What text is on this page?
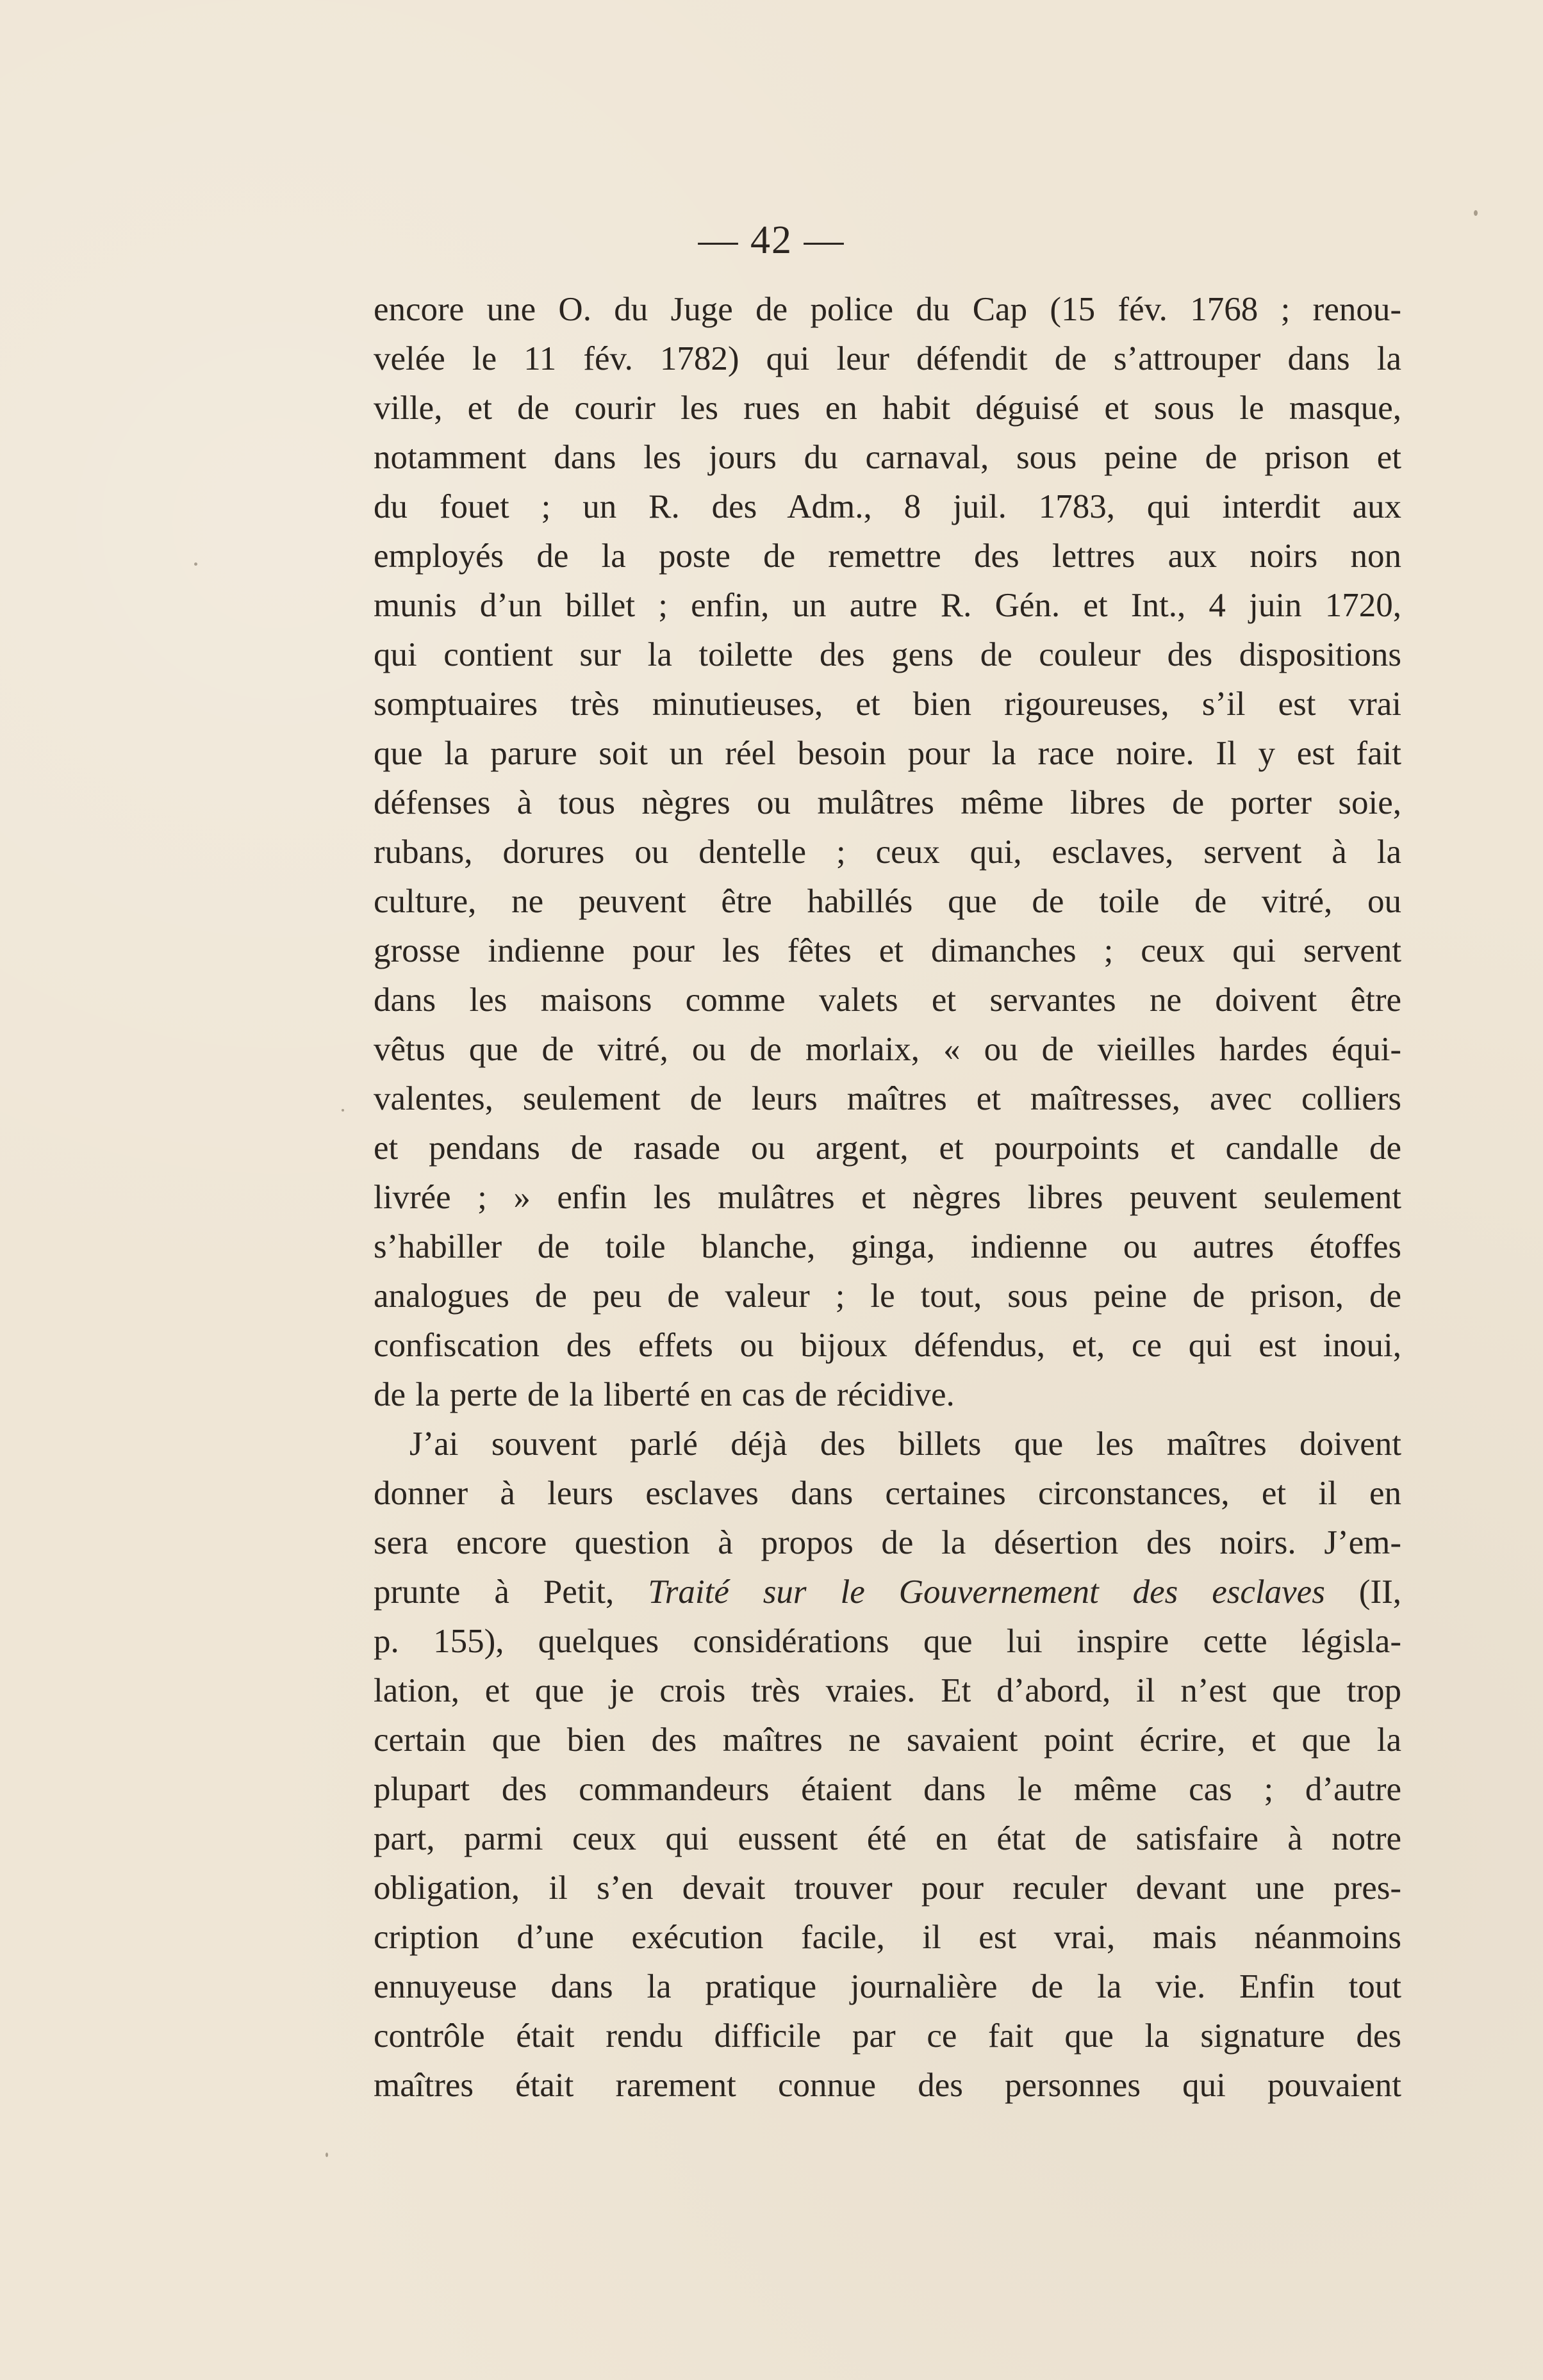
— 42 —
encore une O. du Juge de police du Cap (15 fév. 1768 ; renou-
velée le 11 fév. 1782) qui leur défendit de s’attrouper dans la
ville, et de courir les rues en habit déguisé et sous le masque,
notamment dans les jours du carnaval, sous peine de prison et
du fouet ; un R. des Adm., 8 juil. 1783, qui interdit aux
employés de la poste de remettre des lettres aux noirs non
munis d’un billet ; enfin, un autre R. Gén. et Int., 4 juin 1720,
qui contient sur la toilette des gens de couleur des dispositions
somptuaires très minutieuses, et bien rigoureuses, s’il est vrai
que la parure soit un réel besoin pour la race noire. Il y est fait
défenses à tous nègres ou mulâtres même libres de porter soie,
rubans, dorures ou dentelle ; ceux qui, esclaves, servent à la
culture, ne peuvent être habillés que de toile de vitré, ou
grosse indienne pour les fêtes et dimanches ; ceux qui servent
dans les maisons comme valets et servantes ne doivent être
vêtus que de vitré, ou de morlaix, « ou de vieilles hardes équi-
valentes, seulement de leurs maîtres et maîtresses, avec colliers
et pendans de rasade ou argent, et pourpoints et candalle de
livrée ; » enfin les mulâtres et nègres libres peuvent seulement
s’habiller de toile blanche, ginga, indienne ou autres étoffes
analogues de peu de valeur ; le tout, sous peine de prison, de
confiscation des effets ou bijoux défendus, et, ce qui est inoui,
de la perte de la liberté en cas de récidive.
J’ai souvent parlé déjà des billets que les maîtres doivent
donner à leurs esclaves dans certaines circonstances, et il en
sera encore question à propos de la désertion des noirs. J’em-
prunte à Petit, Traité sur le Gouvernement des esclaves (II,
p. 155), quelques considérations que lui inspire cette législa-
lation, et que je crois très vraies. Et d’abord, il n’est que trop
certain que bien des maîtres ne savaient point écrire, et que la
plupart des commandeurs étaient dans le même cas ; d’autre
part, parmi ceux qui eussent été en état de satisfaire à notre
obligation, il s’en devait trouver pour reculer devant une pres-
cription d’une exécution facile, il est vrai, mais néanmoins
ennuyeuse dans la pratique journalière de la vie. Enfin tout
contrôle était rendu difficile par ce fait que la signature des
maîtres était rarement connue des personnes qui pouvaient
